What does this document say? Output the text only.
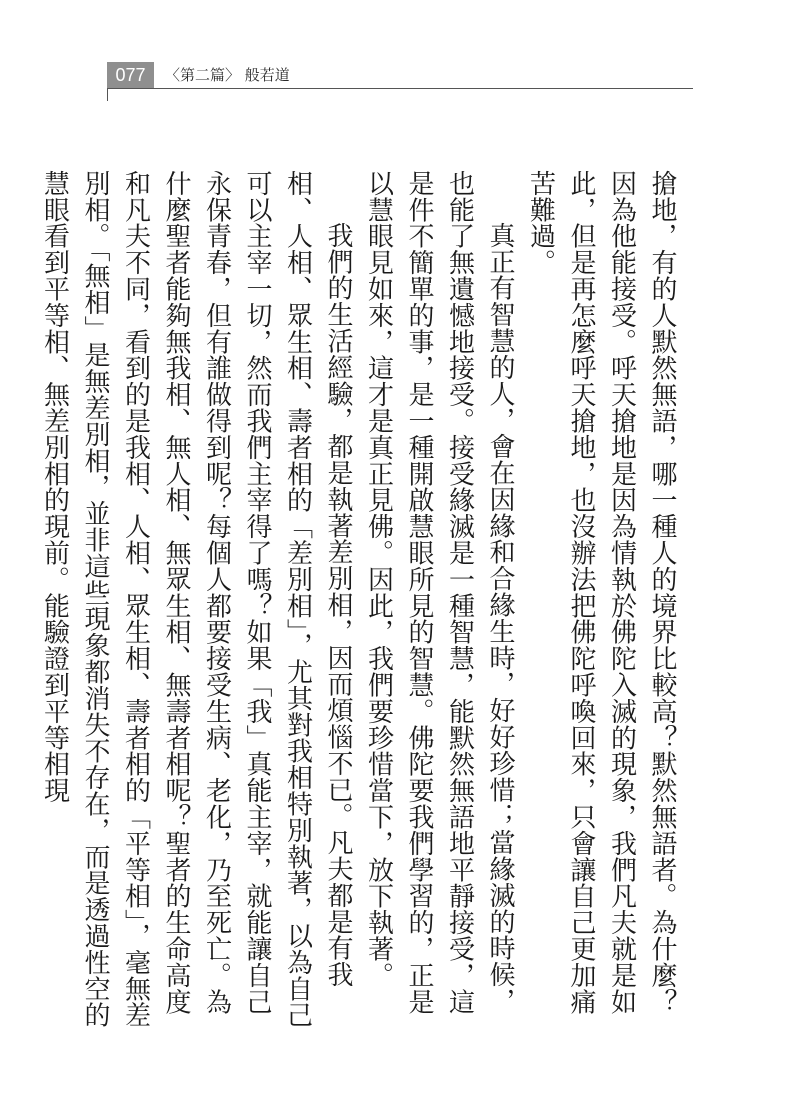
077	〈第二篇〉 般若道

搶地，有的人默然無語，哪一種人的境界比較高？默然無語者。為什麼？因為他能接受。呼天搶地是因為情執於佛陀入滅的現象，我們凡夫就是如此，但是再怎麼呼天搶地，也沒辦法把佛陀呼喚回來，只會讓自己更加痛苦難過。

真正有智慧的人，會在因緣和合緣生時，好好珍惜；當緣滅的時候，也能了無遺憾地接受。接受緣滅是一種智慧，能默然無語地平靜接受，這是件不簡單的事，是一種開啟慧眼所見的智慧。佛陀要我們學習的，正是以慧眼見如來，這才是真正見佛。因此，我們要珍惜當下，放下執著。

我們的生活經驗，都是執著差別相，因而煩惱不已。凡夫都是有我相、人相、眾生相、壽者相的「差別相」，尤其對我相特別執著，以為自己可以主宰一切，然而我們主宰得了嗎？如果「我」真能主宰，就能讓自己永保青春，但有誰做得到呢？每個人都要接受生病、老化，乃至死亡。為什麼聖者能夠無我相、無人相、無眾生相、無壽者相呢？聖者的生命高度和凡夫不同，看到的是我相、人相、眾生相、壽者相的「平等相」，毫無差別相。「無相」是無差別相，並非這些現象都消失不存在，而是透過性空的慧眼看到平等相、無差別相的現前。能驗證到平等相現
